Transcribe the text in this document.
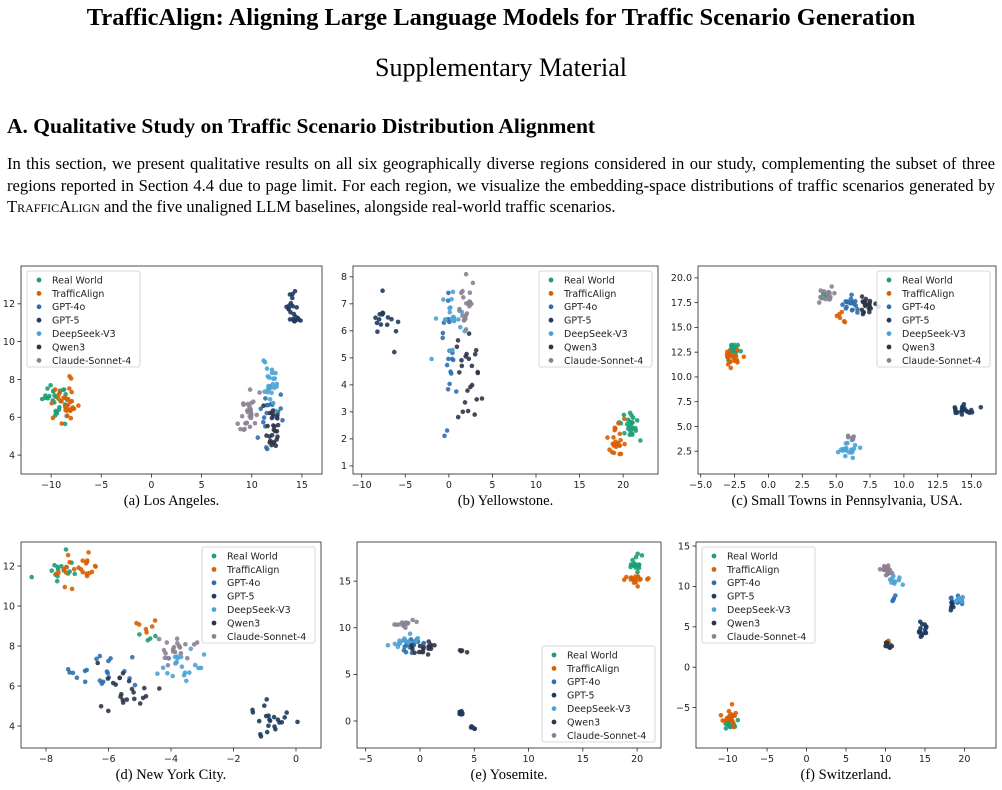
TrafficAlign: Aligning Large Language Models for Traffic Scenario Generation
Supplementary Material
A. Qualitative Study on Traffic Scenario Distribution Alignment
In this section, we present qualitative results on all six geographically diverse regions considered in our study, complementing the subset of three regions reported in Section 4.4 due to page limit. For each region, we visualize the embedding-space distributions of traffic scenarios generated by TrafficAlign and the five unaligned LLM baselines, alongside real-world traffic scenarios.
−10	−5	0	5	10	15
4
6
8
10
12
Real World
TrafficAlign
GPT-4o
GPT-5
DeepSeek-V3
Qwen3
Claude-Sonnet-4
(a) Los Angeles.
−10	−5	0	5	10	15	20
1
2
3
4
5
6
7
8	Real World
TrafficAlign
GPT-4o
GPT-5
DeepSeek-V3
Qwen3
Claude-Sonnet-4
(b) Yellowstone.
−5.0 −2.5 0.0 2.5 5.0 7.5 10.0 12.5 15.0
2.5
5.0
7.5
10.0
12.5
15.0
17.5
20.0	Real World
TrafficAlign
GPT-4o
GPT-5
DeepSeek-V3
Qwen3
Claude-Sonnet-4
(c) Small Towns in Pennsylvania, USA.
−8	−6	−4	−2	0
4
6
8
10
12
Real World
TrafficAlign
GPT-4o
GPT-5
DeepSeek-V3
Qwen3
Claude-Sonnet-4
(d) New York City.
−5	0	5	10	15	20
0
5
10
15
Real World
TrafficAlign
GPT-4o
GPT-5
DeepSeek-V3
Qwen3
Claude-Sonnet-4
(e) Yosemite.
−10 −5	0	5	10	15	20
−5
0
5
10
15
Real World
TrafficAlign
GPT-4o
GPT-5
DeepSeek-V3
Qwen3
Claude-Sonnet-4
(f) Switzerland.
